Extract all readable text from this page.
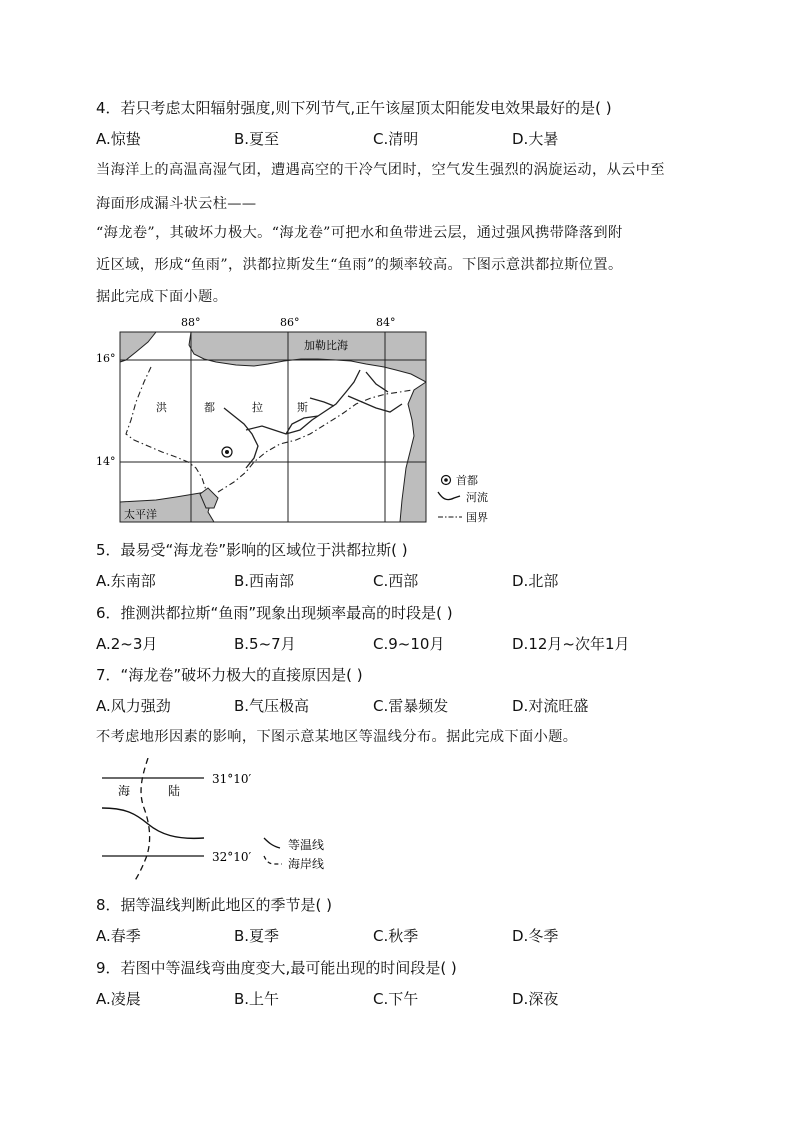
4．若只考虑太阳辐射强度,则下列节气,正午该屋顶太阳能发电效果最好的是( )
A.惊蛰	B.夏至	C.清明	D.大暑
当海洋上的高温高湿气团，遭遇高空的干冷气团时，空气发生强烈的涡旋运动，从云中至
海面形成漏斗状云柱——
“海龙卷”，其破坏力极大。“海龙卷”可把水和鱼带进云层，通过强风携带降落到附
近区域，形成“鱼雨”，洪都拉斯发生“鱼雨”的频率较高。下图示意洪都拉斯位置。
据此完成下面小题。
88°	86°	84°
16°
14°
洪	都	拉	斯
加勒比海
太平洋
首都
河流
国界
5．最易受“海龙卷”影响的区域位于洪都拉斯( )
A.东南部	B.西南部	C.西部	D.北部
6．推测洪都拉斯“鱼雨”现象出现频率最高的时段是( )
A.2~3月	B.5~7月	C.9~10月	D.12月~次年1月
7．“海龙卷”破坏力极大的直接原因是( )
A.风力强劲	B.气压极高	C.雷暴频发	D.对流旺盛
不考虑地形因素的影响，下图示意某地区等温线分布。据此完成下面小题。
31°10′
32°10′
海	陆
等温线
海岸线
8．据等温线判断此地区的季节是( )
A.春季	B.夏季	C.秋季	D.冬季
9．若图中等温线弯曲度变大,最可能出现的时间段是( )
A.凌晨	B.上午	C.下午	D.深夜
